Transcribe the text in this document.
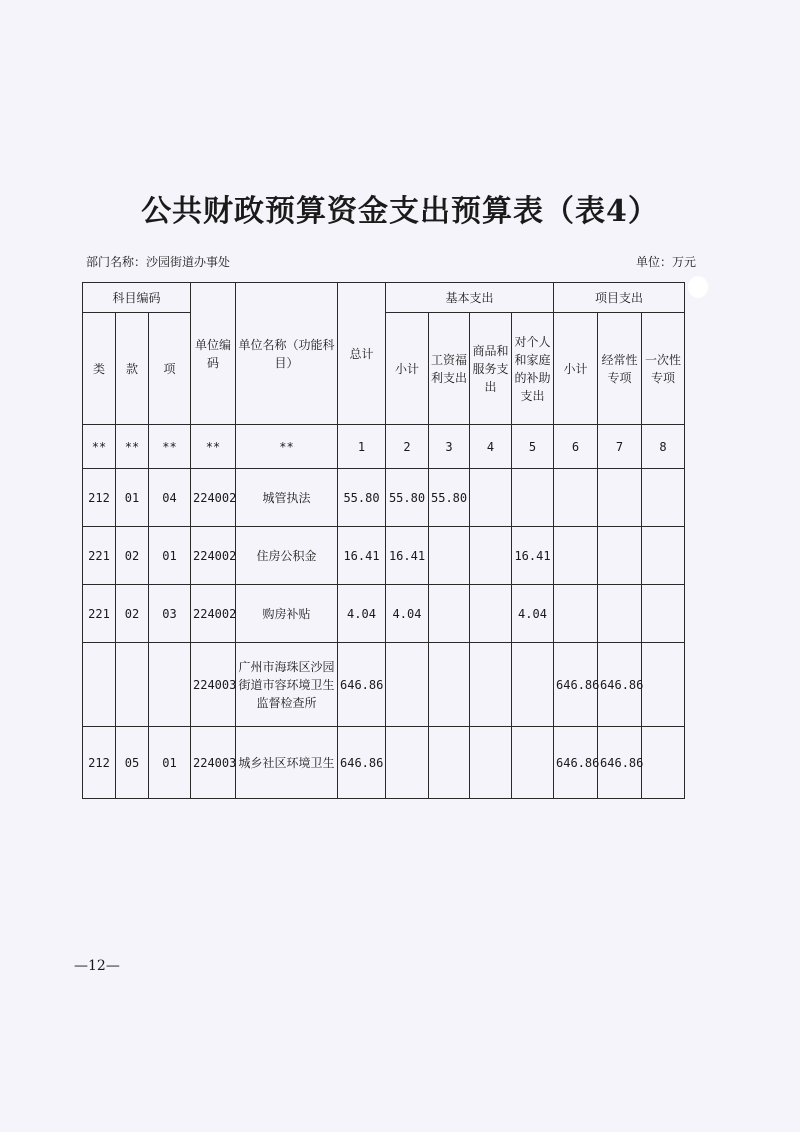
公共财政预算资金支出预算表（表4）
部门名称：沙园街道办事处	单位：万元
科目编码			单位编码	单位名称（功能科目）	总计	基本支出				项目支出		
类	款	项				小计	工资福利支出	商品和服务支出	对个人和家庭的补助支出	小计	经常性专项	一次性专项
**	**	**	**	**	1	2	3	4	5	6	7	8
212	01	04	224002	城管执法	55.80	55.80	55.80					
221	02	01	224002	住房公积金	16.41	16.41			16.41			
221	02	03	224002	购房补贴	4.04	4.04			4.04			
			224003	广州市海珠区沙园街道市容环境卫生监督检查所	646.86					646.86	646.86	
212	05	01	224003	城乡社区环境卫生	646.86					646.86	646.86	
—12—
